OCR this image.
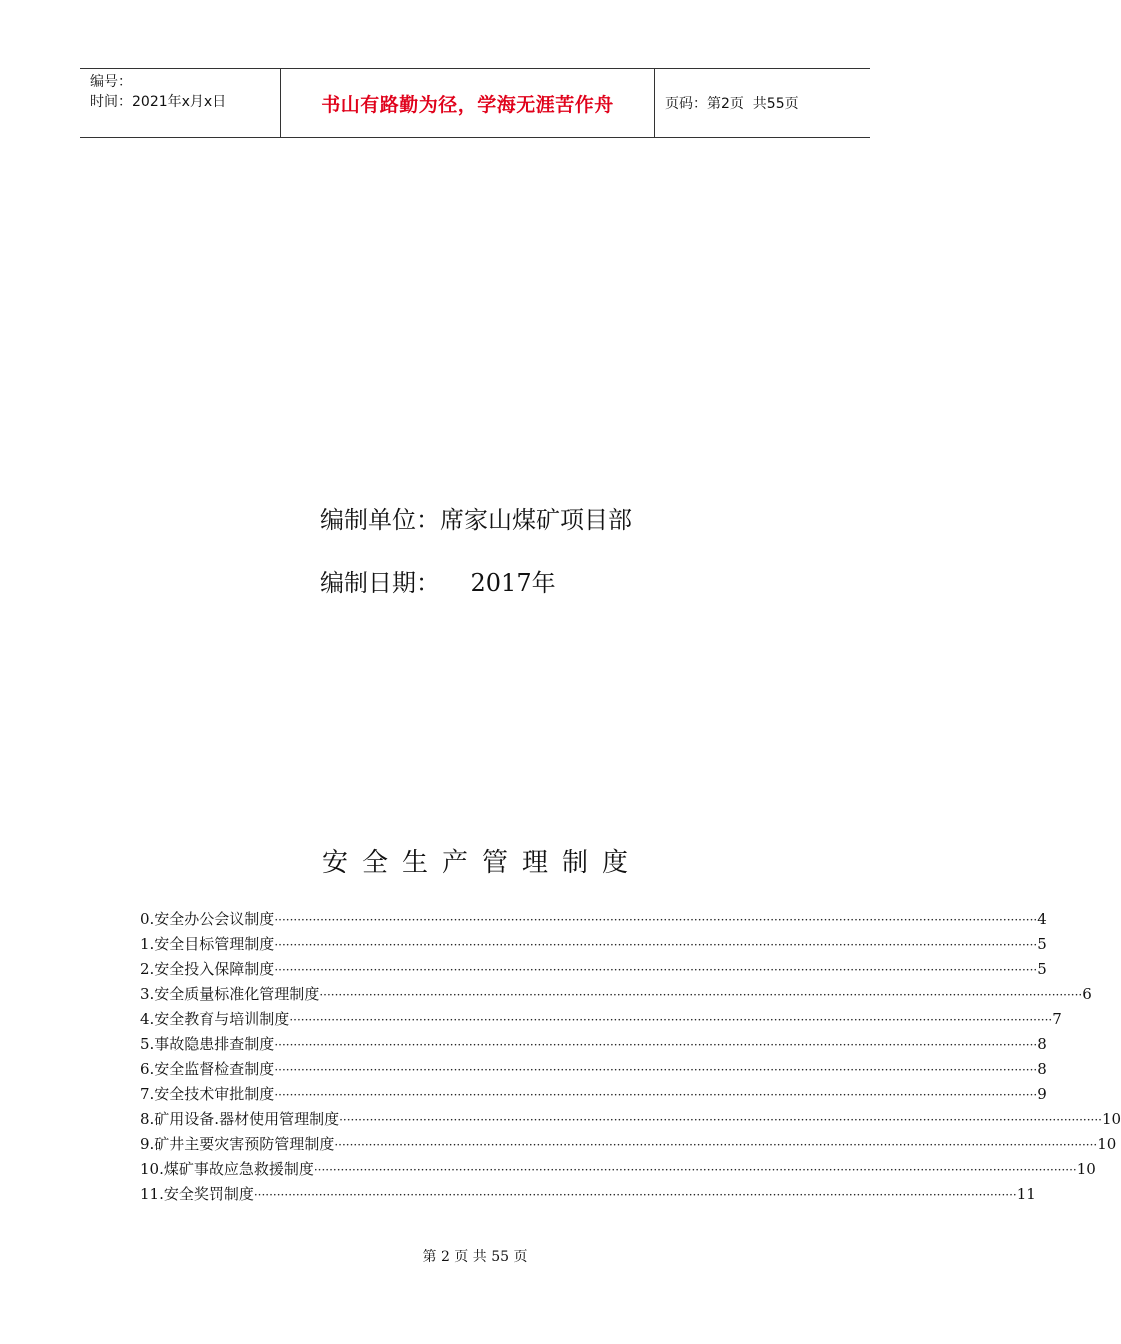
编号：
时间：2021年x月x日	书山有路勤为径，学海无涯苦作舟	页码：第2页  共55页
编制单位：席家山煤矿项目部
编制日期：    2017年
安全生产管理制度
0.安全办公会议制度 ········································································································································································································ 4
1.安全目标管理制度 ········································································································································································································ 5
2.安全投入保障制度 ········································································································································································································ 5
3.安全质量标准化管理制度 ········································································································································································································ 6
4.安全教育与培训制度 ········································································································································································································ 7
5.事故隐患排查制度 ········································································································································································································ 8
6.安全监督检查制度 ········································································································································································································ 8
7.安全技术审批制度 ········································································································································································································ 9
8.矿用设备.器材使用管理制度 ········································································································································································································ 10
9.矿井主要灾害预防管理制度 ········································································································································································································ 10
10.煤矿事故应急救援制度 ········································································································································································································ 10
11.安全奖罚制度 ········································································································································································································ 11
第 2 页 共 55 页
